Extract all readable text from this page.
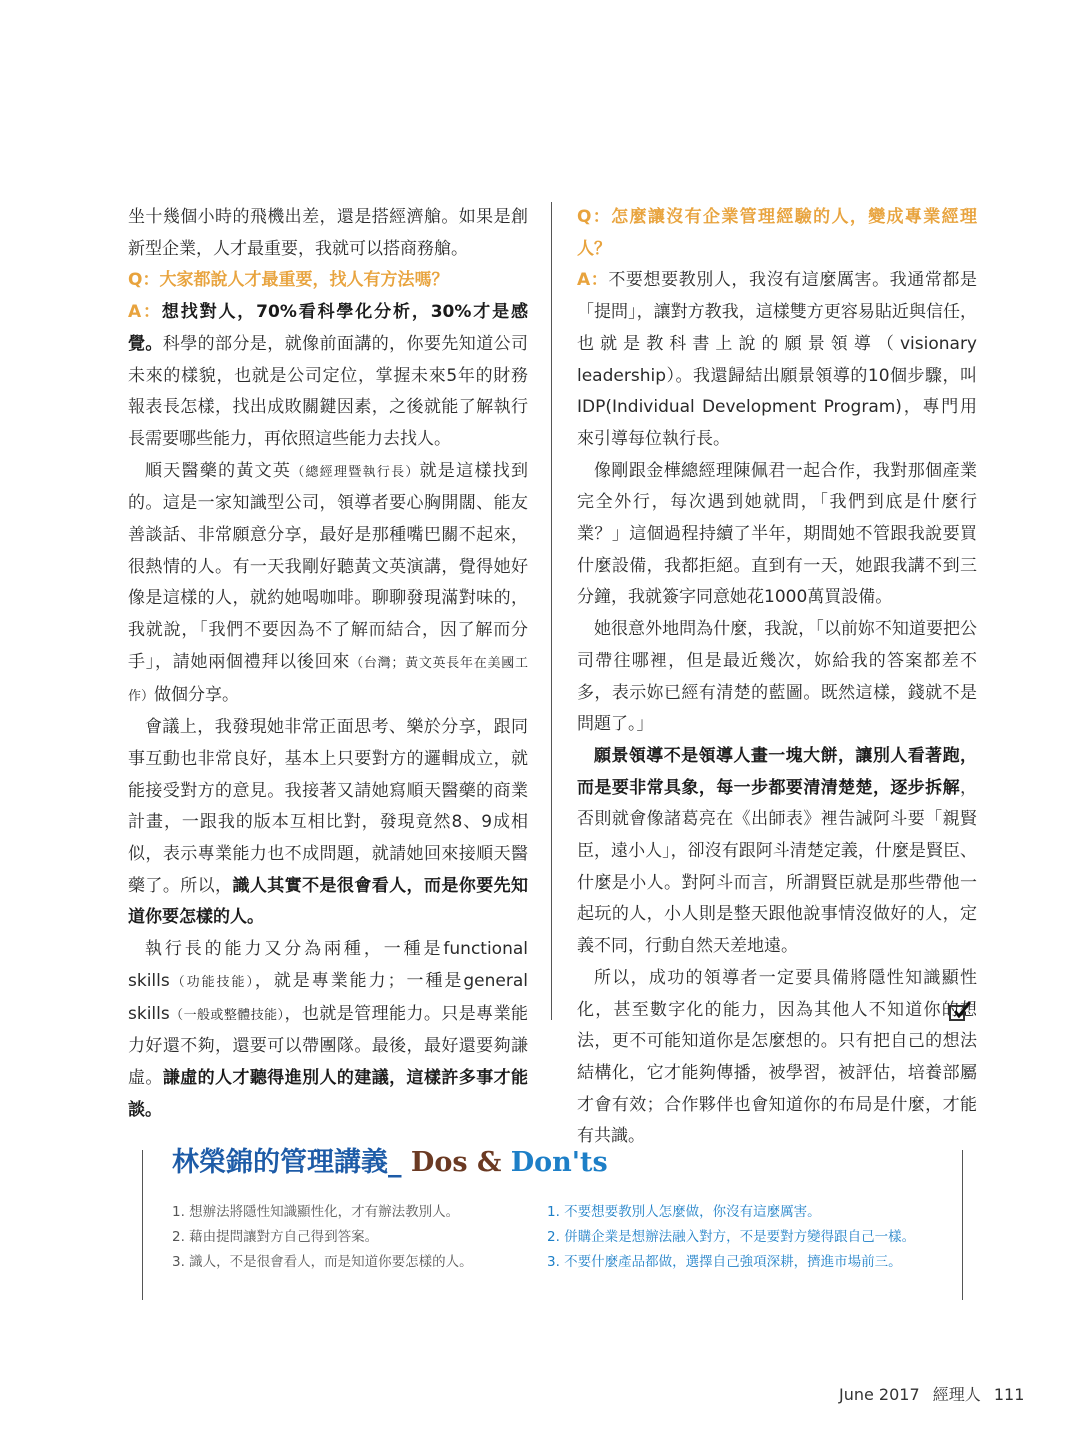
坐十幾個小時的飛機出差，還是搭經濟艙。如果是創新型企業，人才最重要，我就可以搭商務艙。

Q：大家都說人才最重要，找人有方法嗎？

A：想找對人，70%看科學化分析，30%才是感覺。科學的部分是，就像前面講的，你要先知道公司未來的樣貌，也就是公司定位，掌握未來5年的財務報表長怎樣，找出成敗關鍵因素，之後就能了解執行長需要哪些能力，再依照這些能力去找人。

順天醫藥的黃文英（總經理暨執行長）就是這樣找到的。這是一家知識型公司，領導者要心胸開闊、能友善談話、非常願意分享，最好是那種嘴巴關不起來，很熱情的人。有一天我剛好聽黃文英演講，覺得她好像是這樣的人，就約她喝咖啡。聊聊發現滿對味的，我就說，「我們不要因為不了解而結合，因了解而分手」，請她兩個禮拜以後回來（台灣；黃文英長年在美國工作）做個分享。

會議上，我發現她非常正面思考、樂於分享，跟同事互動也非常良好，基本上只要對方的邏輯成立，就能接受對方的意見。我接著又請她寫順天醫藥的商業計畫，一跟我的版本互相比對，發現竟然8、9成相似，表示專業能力也不成問題，就請她回來接順天醫藥了。所以，識人其實不是很會看人，而是你要先知道你要怎樣的人。

執行長的能力又分為兩種，一種是functional skills（功能技能），就是專業能力；一種是general skills（一般或整體技能），也就是管理能力。只是專業能力好還不夠，還要可以帶團隊。最後，最好還要夠謙虛。謙虛的人才聽得進別人的建議，這樣許多事才能談。

Q：怎麼讓沒有企業管理經驗的人，變成專業經理人？

A：不要想要教別人，我沒有這麼厲害。我通常都是「提問」，讓對方教我，這樣雙方更容易貼近與信任，也就是教科書上說的願景領導（visionary leadership）。我還歸結出願景領導的10個步驟，叫IDP(Individual Development Program)，專門用來引導每位執行長。

像剛跟金樺總經理陳佩君一起合作，我對那個產業完全外行，每次遇到她就問，「我們到底是什麼行業？」這個過程持續了半年，期間她不管跟我說要買什麼設備，我都拒絕。直到有一天，她跟我講不到三分鐘，我就簽字同意她花1000萬買設備。

她很意外地問為什麼，我說，「以前妳不知道要把公司帶往哪裡，但是最近幾次，妳給我的答案都差不多，表示妳已經有清楚的藍圖。既然這樣，錢就不是問題了。」

願景領導不是領導人畫一塊大餅，讓別人看著跑，而是要非常具象，每一步都要清清楚楚，逐步拆解，否則就會像諸葛亮在《出師表》裡告誡阿斗要「親賢臣，遠小人」，卻沒有跟阿斗清楚定義，什麼是賢臣、什麼是小人。對阿斗而言，所謂賢臣就是那些帶他一起玩的人，小人則是整天跟他說事情沒做好的人，定義不同，行動自然天差地遠。

所以，成功的領導者一定要具備將隱性知識顯性化，甚至數字化的能力，因為其他人不知道你的想法，更不可能知道你是怎麼想的。只有把自己的想法結構化，它才能夠傳播，被學習，被評估，培養部屬才會有效；合作夥伴也會知道你的布局是什麼，才能有共識。

林榮錦的管理講義_ Dos & Don'ts
1. 想辦法將隱性知識顯性化，才有辦法教別人。
2. 藉由提問讓對方自己得到答案。
3. 識人，不是很會看人，而是知道你要怎樣的人。
1. 不要想要教別人怎麼做，你沒有這麼厲害。
2. 併購企業是想辦法融入對方，不是要對方變得跟自己一樣。
3. 不要什麼產品都做，選擇自己強項深耕，擠進市場前三。
June 2017 經理人 111
